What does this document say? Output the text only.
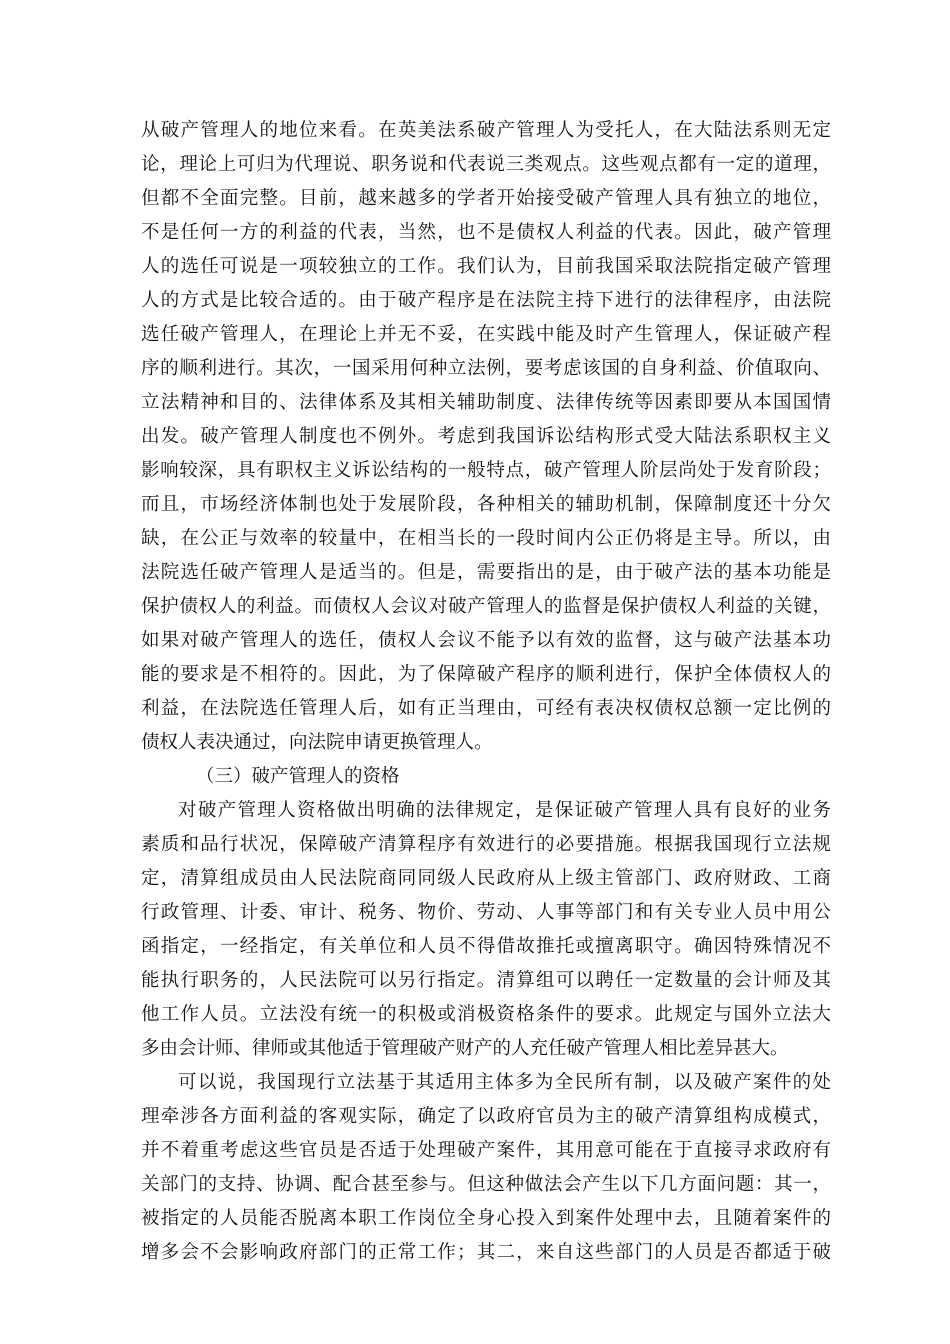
从破产管理人的地位来看。在英美法系破产管理人为受托人，在大陆法系则无定
论，理论上可归为代理说、职务说和代表说三类观点。这些观点都有一定的道理，
但都不全面完整。目前，越来越多的学者开始接受破产管理人具有独立的地位，
不是任何一方的利益的代表，当然，也不是债权人利益的代表。因此，破产管理
人的选任可说是一项较独立的工作。我们认为，目前我国采取法院指定破产管理
人的方式是比较合适的。由于破产程序是在法院主持下进行的法律程序，由法院
选任破产管理人，在理论上并无不妥，在实践中能及时产生管理人，保证破产程
序的顺利进行。其次，一国采用何种立法例，要考虑该国的自身利益、价值取向、
立法精神和目的、法律体系及其相关辅助制度、法律传统等因素即要从本国国情
出发。破产管理人制度也不例外。考虑到我国诉讼结构形式受大陆法系职权主义
影响较深，具有职权主义诉讼结构的一般特点，破产管理人阶层尚处于发育阶段；
而且，市场经济体制也处于发展阶段，各种相关的辅助机制，保障制度还十分欠
缺，在公正与效率的较量中，在相当长的一段时间内公正仍将是主导。所以，由
法院选任破产管理人是适当的。但是，需要指出的是，由于破产法的基本功能是
保护债权人的利益。而债权人会议对破产管理人的监督是保护债权人利益的关键，
如果对破产管理人的选任，债权人会议不能予以有效的监督，这与破产法基本功
能的要求是不相符的。因此，为了保障破产程序的顺利进行，保护全体债权人的
利益，在法院选任管理人后，如有正当理由，可经有表决权债权总额一定比例的
债权人表决通过，向法院申请更换管理人。
（三）破产管理人的资格
对破产管理人资格做出明确的法律规定，是保证破产管理人具有良好的业务
素质和品行状况，保障破产清算程序有效进行的必要措施。根据我国现行立法规
定，清算组成员由人民法院商同同级人民政府从上级主管部门、政府财政、工商
行政管理、计委、审计、税务、物价、劳动、人事等部门和有关专业人员中用公
函指定，一经指定，有关单位和人员不得借故推托或擅离职守。确因特殊情况不
能执行职务的，人民法院可以另行指定。清算组可以聘任一定数量的会计师及其
他工作人员。立法没有统一的积极或消极资格条件的要求。此规定与国外立法大
多由会计师、律师或其他适于管理破产财产的人充任破产管理人相比差异甚大。
可以说，我国现行立法基于其适用主体多为全民所有制，以及破产案件的处
理牵涉各方面利益的客观实际，确定了以政府官员为主的破产清算组构成模式，
并不着重考虑这些官员是否适于处理破产案件，其用意可能在于直接寻求政府有
关部门的支持、协调、配合甚至参与。但这种做法会产生以下几方面问题：其一，
被指定的人员能否脱离本职工作岗位全身心投入到案件处理中去，且随着案件的
增多会不会影响政府部门的正常工作；其二，来自这些部门的人员是否都适于破
